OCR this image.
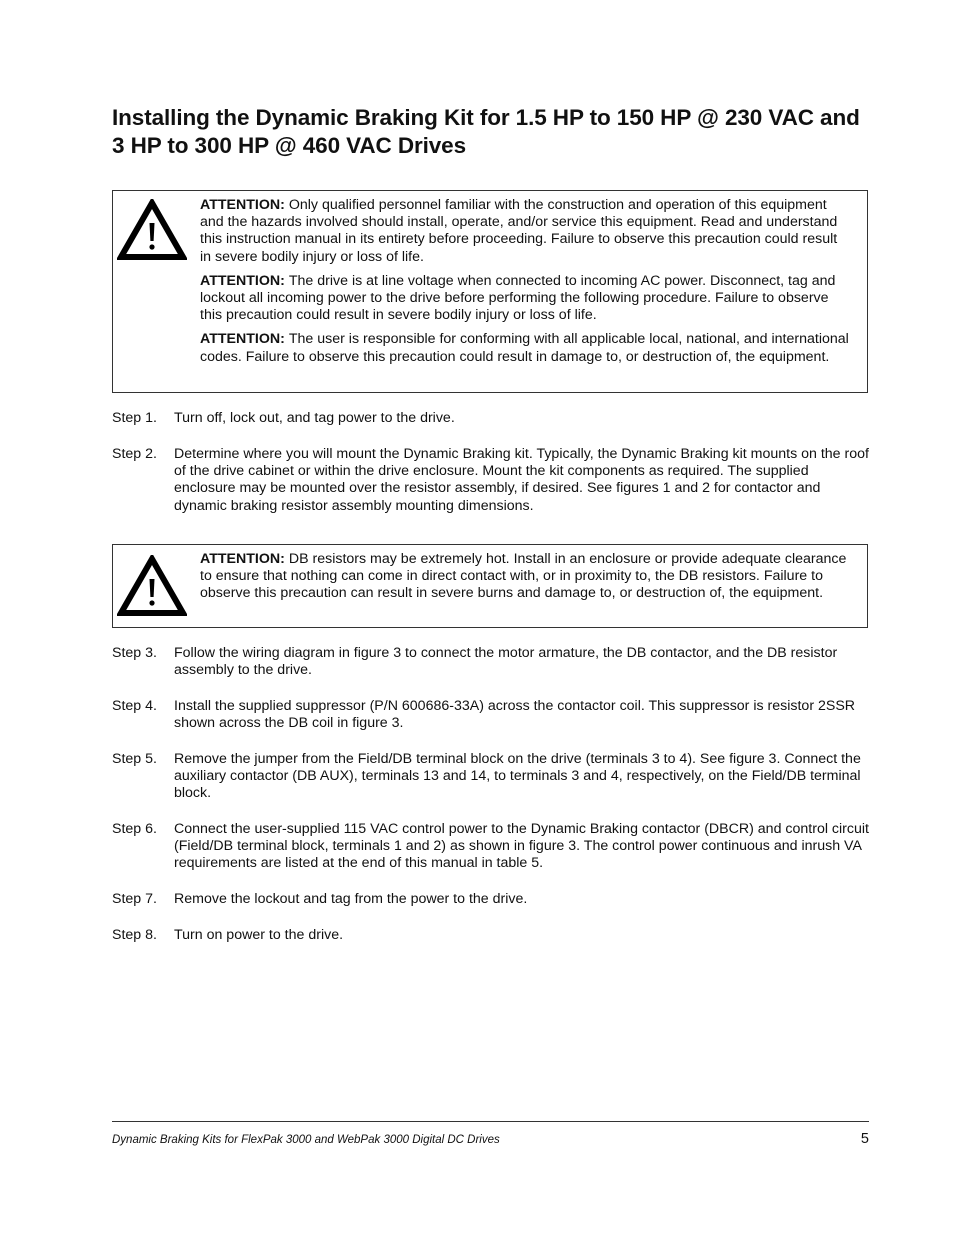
Installing the Dynamic Braking Kit for 1.5 HP to 150 HP @ 230 VAC and 3 HP to 300 HP @ 460 VAC Drives

ATTENTION: Only qualified personnel familiar with the construction and operation of this equipment and the hazards involved should install, operate, and/or service this equipment. Read and understand this instruction manual in its entirety before proceeding. Failure to observe this precaution could result in severe bodily injury or loss of life.

ATTENTION: The drive is at line voltage when connected to incoming AC power. Disconnect, tag and lockout all incoming power to the drive before performing the following procedure. Failure to observe this precaution could result in severe bodily injury or loss of life.

ATTENTION: The user is responsible for conforming with all applicable local, national, and international codes. Failure to observe this precaution could result in damage to, or destruction of, the equipment.

Step 1. Turn off, lock out, and tag power to the drive.
Step 2. Determine where you will mount the Dynamic Braking kit. Typically, the Dynamic Braking kit mounts on the roof of the drive cabinet or within the drive enclosure. Mount the kit components as required. The supplied enclosure may be mounted over the resistor assembly, if desired. See figures 1 and 2 for contactor and dynamic braking resistor assembly mounting dimensions.

ATTENTION: DB resistors may be extremely hot. Install in an enclosure or provide adequate clearance to ensure that nothing can come in direct contact with, or in proximity to, the DB resistors. Failure to observe this precaution can result in severe burns and damage to, or destruction of, the equipment.

Step 3. Follow the wiring diagram in figure 3 to connect the motor armature, the DB contactor, and the DB resistor assembly to the drive.
Step 4. Install the supplied suppressor (P/N 600686-33A) across the contactor coil. This suppressor is resistor 2SSR shown across the DB coil in figure 3.
Step 5. Remove the jumper from the Field/DB terminal block on the drive (terminals 3 to 4). See figure 3. Connect the auxiliary contactor (DB AUX), terminals 13 and 14, to terminals 3 and 4, respectively, on the Field/DB terminal block.
Step 6. Connect the user-supplied 115 VAC control power to the Dynamic Braking contactor (DBCR) and control circuit (Field/DB terminal block, terminals 1 and 2) as shown in figure 3. The control power continuous and inrush VA requirements are listed at the end of this manual in table 5.
Step 7. Remove the lockout and tag from the power to the drive.
Step 8. Turn on power to the drive.
Dynamic Braking Kits for FlexPak 3000 and WebPak 3000 Digital DC Drives	5
